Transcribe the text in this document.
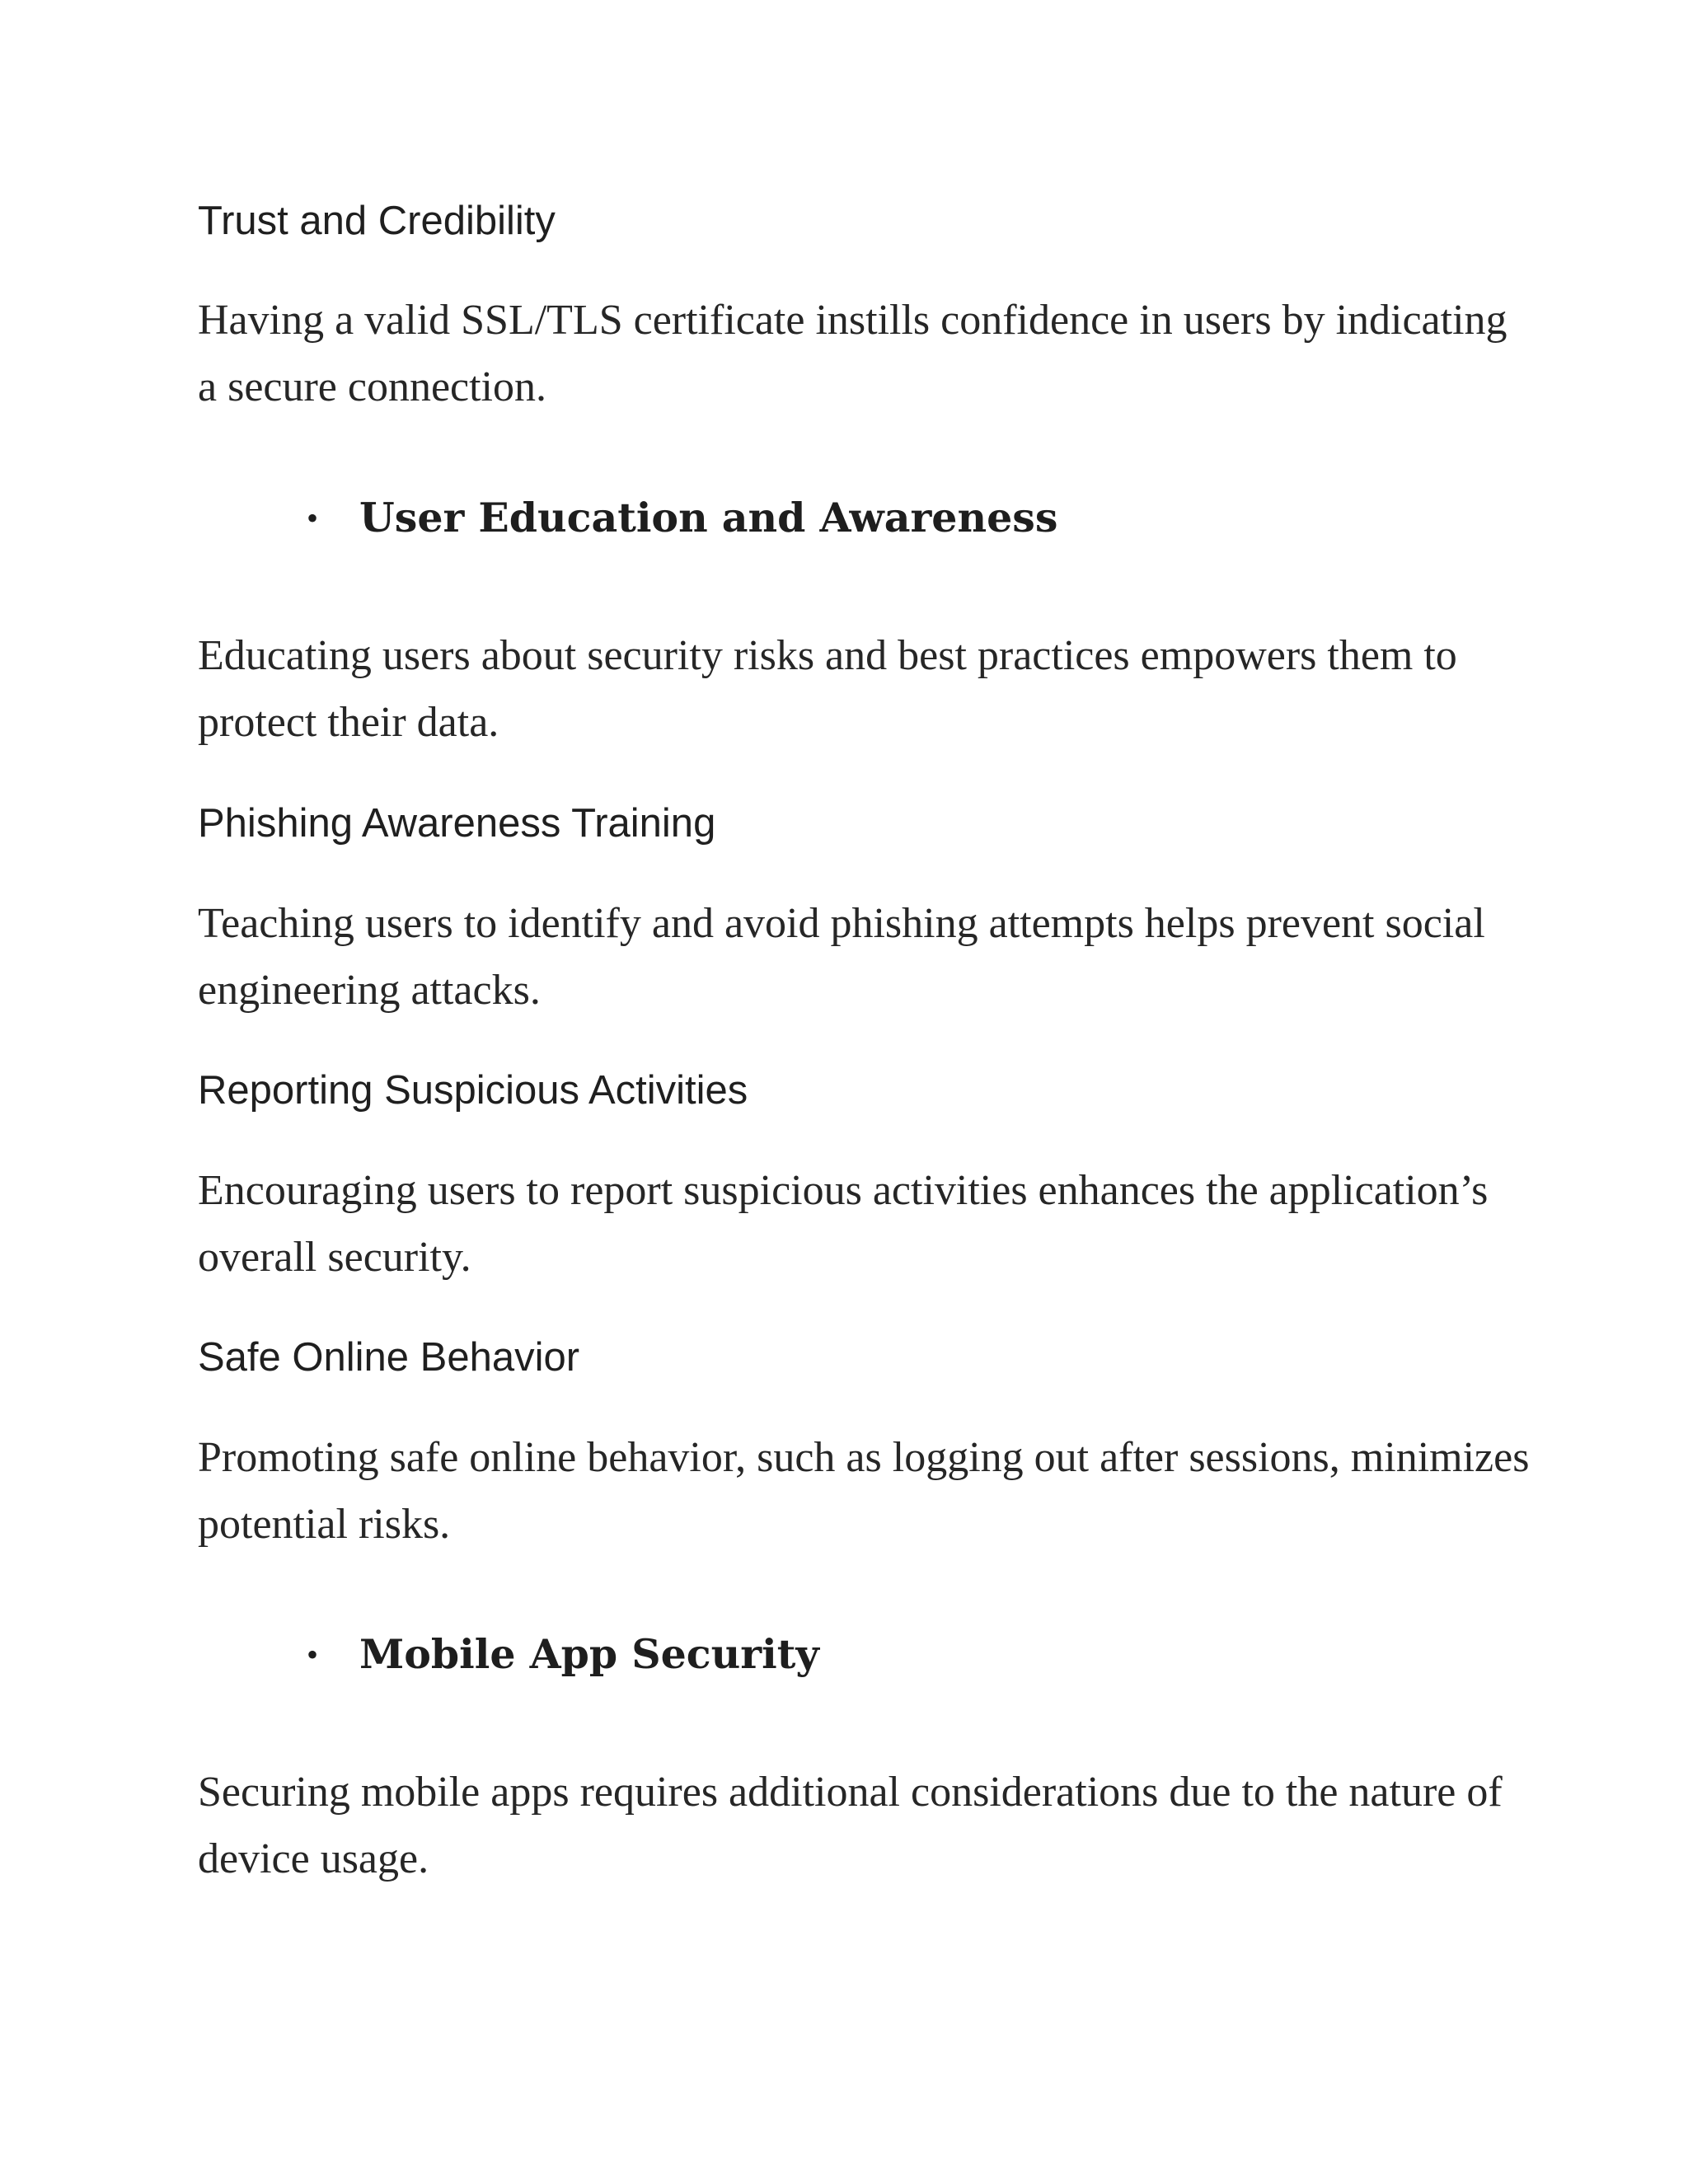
Trust and Credibility

Having a valid SSL/TLS certificate instills confidence in users by indicating a secure connection.

•	User Education and Awareness

Educating users about security risks and best practices empowers them to protect their data.

Phishing Awareness Training

Teaching users to identify and avoid phishing attempts helps prevent social engineering attacks.

Reporting Suspicious Activities

Encouraging users to report suspicious activities enhances the application’s overall security.

Safe Online Behavior

Promoting safe online behavior, such as logging out after sessions, minimizes potential risks.

•	Mobile App Security

Securing mobile apps requires additional considerations due to the nature of device usage.
